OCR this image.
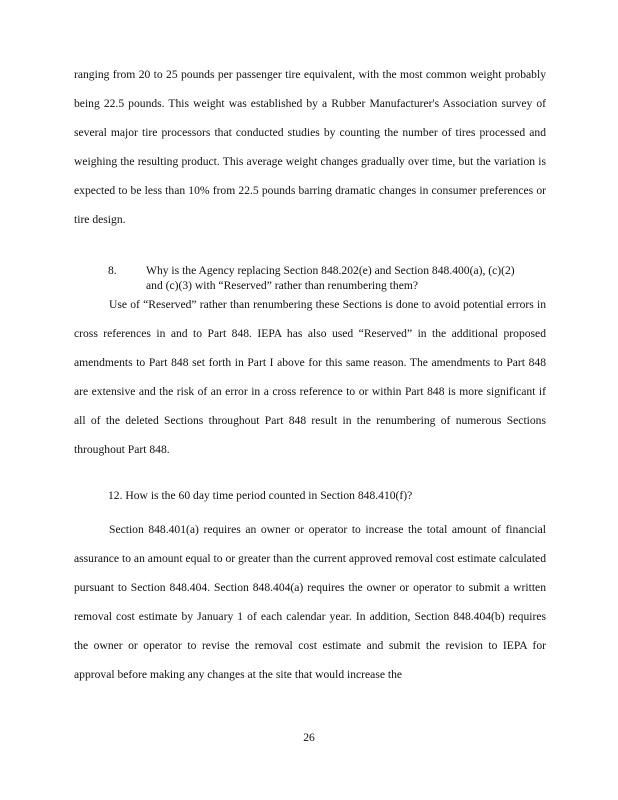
ranging from 20 to 25 pounds per passenger tire equivalent, with the most common weight probably being 22.5 pounds. This weight was established by a Rubber Manufacturer's Association survey of several major tire processors that conducted studies by counting the number of tires processed and weighing the resulting product. This average weight changes gradually over time, but the variation is expected to be less than 10% from 22.5 pounds barring dramatic changes in consumer preferences or tire design.

8.	Why is the Agency replacing Section 848.202(e) and Section 848.400(a), (c)(2)
and (c)(3) with “Reserved” rather than renumbering them?

Use of “Reserved” rather than renumbering these Sections is done to avoid potential errors in cross references in and to Part 848. IEPA has also used “Reserved” in the additional proposed amendments to Part 848 set forth in Part I above for this same reason. The amendments to Part 848 are extensive and the risk of an error in a cross reference to or within Part 848 is more significant if all of the deleted Sections throughout Part 848 result in the renumbering of numerous Sections throughout Part 848.

12. How is the 60 day time period counted in Section 848.410(f)?

Section 848.401(a) requires an owner or operator to increase the total amount of financial assurance to an amount equal to or greater than the current approved removal cost estimate calculated pursuant to Section 848.404. Section 848.404(a) requires the owner or operator to submit a written removal cost estimate by January 1 of each calendar year. In addition, Section 848.404(b) requires the owner or operator to revise the removal cost estimate and submit the revision to IEPA for approval before making any changes at the site that would increase the

26
